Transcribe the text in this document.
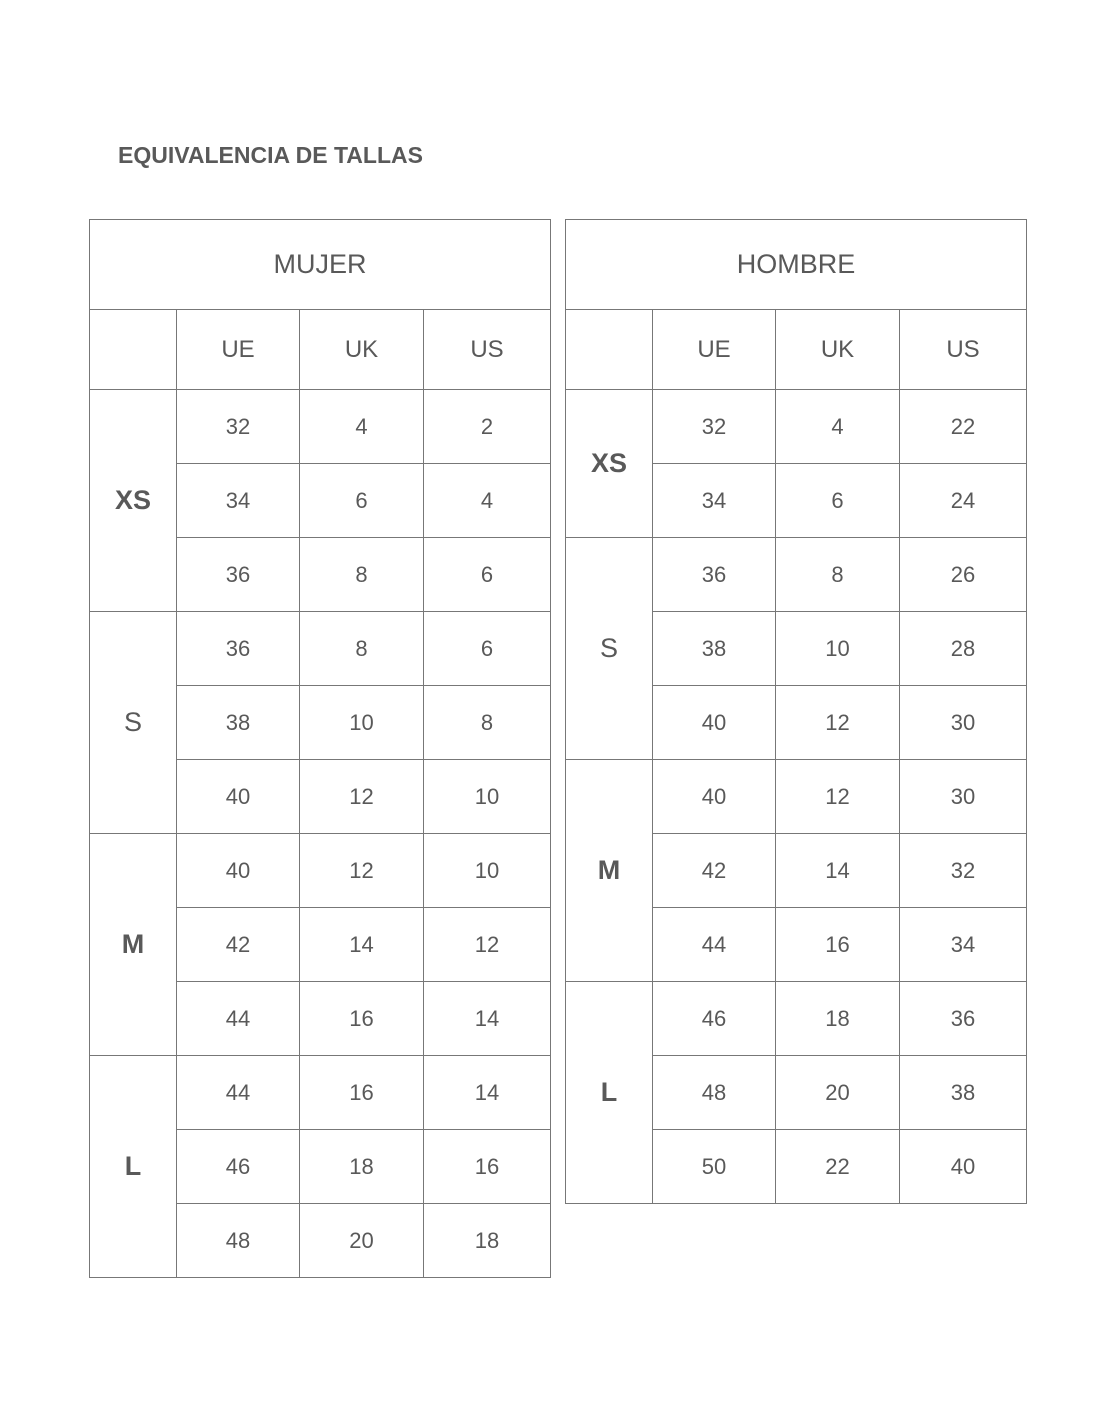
EQUIVALENCIA DE TALLAS
MUJER			
	UE	UK	US
XS	32	4	2
	34	6	4
	36	8	6
S	36	8	6
	38	10	8
	40	12	10
M	40	12	10
	42	14	12
	44	16	14
L	44	16	14
	46	18	16
	48	20	18
HOMBRE			
	UE	UK	US
XS	32	4	22
	34	6	24
S	36	8	26
	38	10	28
	40	12	30
M	40	12	30
	42	14	32
	44	16	34
L	46	18	36
	48	20	38
	50	22	40
